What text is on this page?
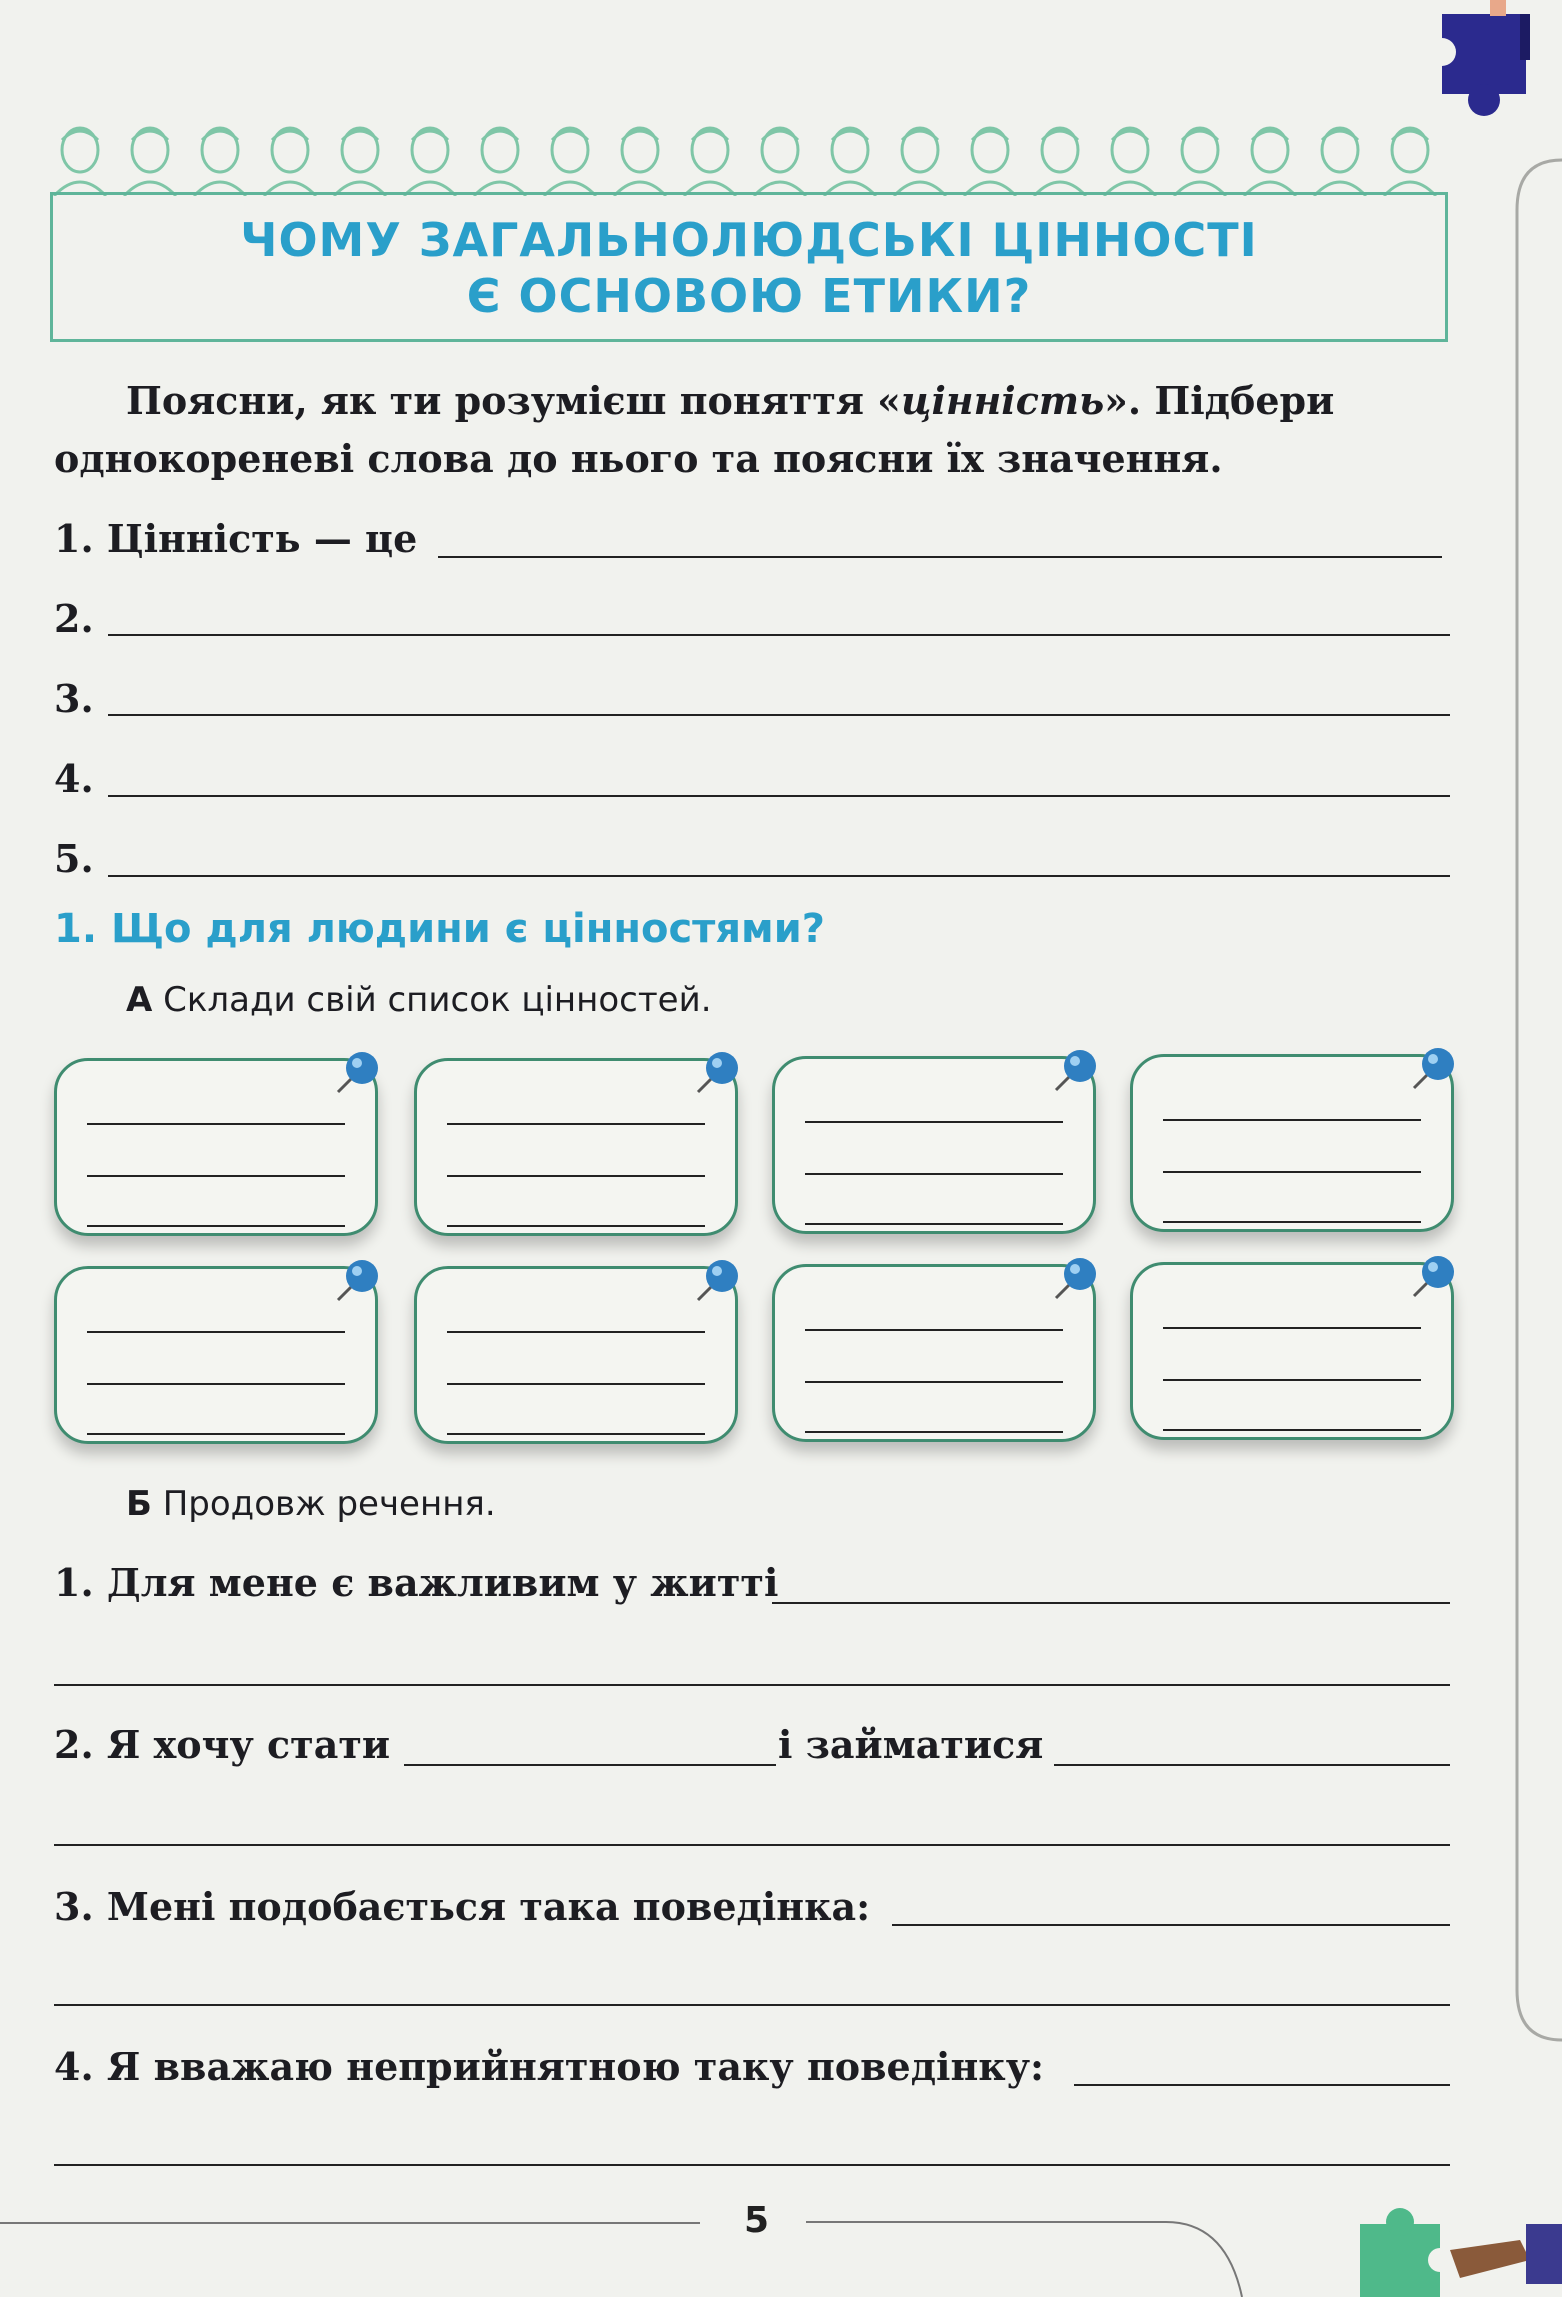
ЧОМУ ЗАГАЛЬНОЛЮДСЬКІ ЦІННОСТІ
Є ОСНОВОЮ ЕТИКИ?
Поясни, як ти розумієш поняття «цінність». Підбери
однокореневі слова до нього та поясни їх значення.
1. Цінність — це
2.
3.
4.
5.
1. Що для людини є цінностями?
А Склади свій список цінностей.
Б Продовж речення.
1. Для мене є важливим у житті
2. Я хочу стати	і займатися
3. Мені подобається така поведінка:
4. Я вважаю неприйнятною таку поведінку:
5
